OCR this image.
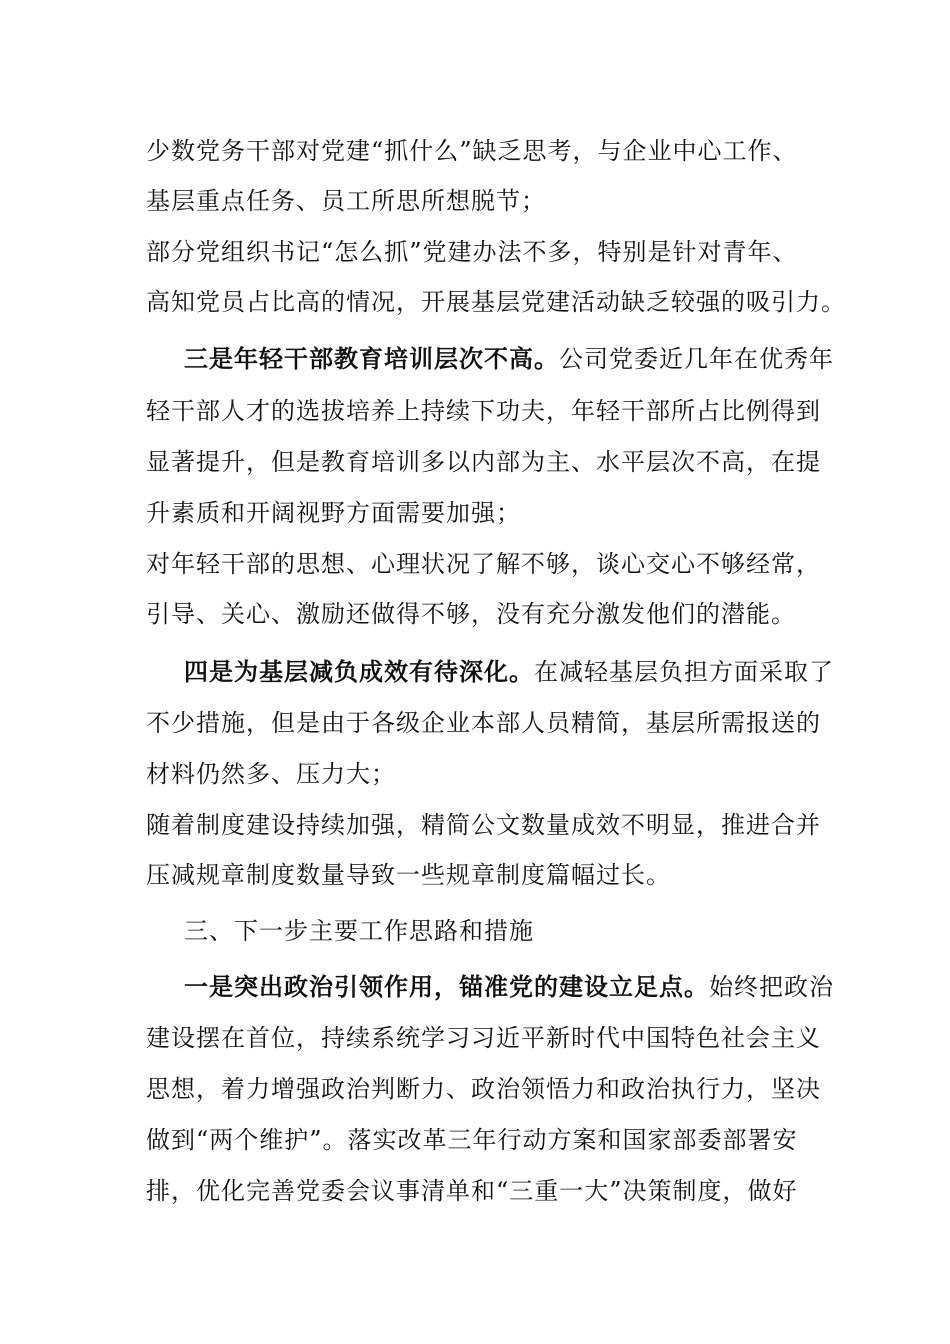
少数党务干部对党建“抓什么”缺乏思考，与企业中心工作、
基层重点任务、员工所思所想脱节；
部分党组织书记“怎么抓”党建办法不多，特别是针对青年、
高知党员占比高的情况，开展基层党建活动缺乏较强的吸引力。
三是年轻干部教育培训层次不高。公司党委近几年在优秀年
轻干部人才的选拔培养上持续下功夫，年轻干部所占比例得到
显著提升，但是教育培训多以内部为主、水平层次不高，在提
升素质和开阔视野方面需要加强；
对年轻干部的思想、心理状况了解不够，谈心交心不够经常，
引导、关心、激励还做得不够，没有充分激发他们的潜能。
四是为基层减负成效有待深化。在减轻基层负担方面采取了
不少措施，但是由于各级企业本部人员精简，基层所需报送的
材料仍然多、压力大；
随着制度建设持续加强，精简公文数量成效不明显，推进合并
压减规章制度数量导致一些规章制度篇幅过长。
三、下一步主要工作思路和措施
一是突出政治引领作用，锚准党的建设立足点。始终把政治
建设摆在首位，持续系统学习习近平新时代中国特色社会主义
思想，着力增强政治判断力、政治领悟力和政治执行力，坚决
做到“两个维护”。落实改革三年行动方案和国家部委部署安
排，优化完善党委会议事清单和“三重一大”决策制度，做好
